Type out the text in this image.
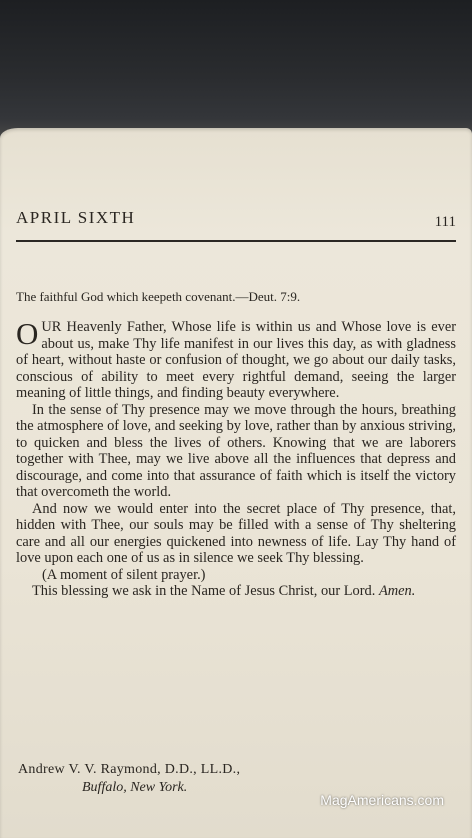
APRIL SIXTH	111
The faithful God which keepeth covenant.—Deut. 7:9.

OUR Heavenly Father, Whose life is within us and Whose love is ever about us, make Thy life manifest in our lives this day, as with gladness of heart, without haste or confusion of thought, we go about our daily tasks, conscious of ability to meet every rightful demand, seeing the larger meaning of little things, and finding beauty everywhere.

In the sense of Thy presence may we move through the hours, breathing the atmosphere of love, and seeking by love, rather than by anxious striving, to quicken and bless the lives of others. Knowing that we are laborers together with Thee, may we live above all the influences that depress and discourage, and come into that assurance of faith which is itself the victory that overcometh the world.

And now we would enter into the secret place of Thy presence, that, hidden with Thee, our souls may be filled with a sense of Thy sheltering care and all our energies quickened into newness of life. Lay Thy hand of love upon each one of us as in silence we seek Thy blessing.

(A moment of silent prayer.)

This blessing we ask in the Name of Jesus Christ, our Lord. Amen.

Andrew V. V. Raymond, D.D., LL.D.,
Buffalo, New York.
MagAmericans.com
